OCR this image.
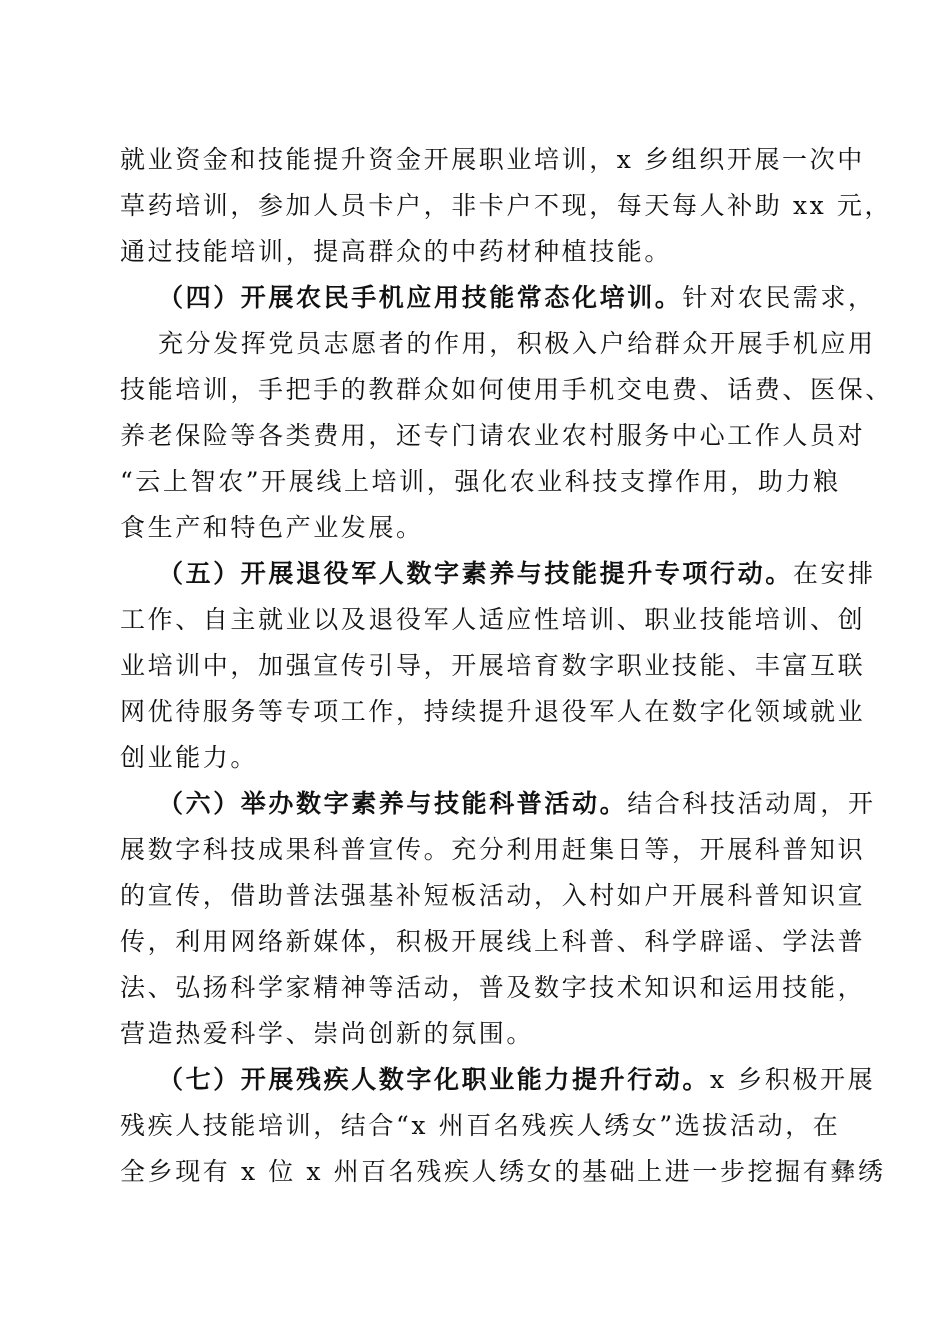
就业资金和技能提升资金开展职业培训，x 乡组织开展一次中

草药培训，参加人员卡户，非卡户不现，每天每人补助 xx 元，

通过技能培训，提高群众的中药材种植技能。

（四）开展农民手机应用技能常态化培训。针对农民需求，

充分发挥党员志愿者的作用，积极入户给群众开展手机应用

技能培训，手把手的教群众如何使用手机交电费、话费、医保、

养老保险等各类费用，还专门请农业农村服务中心工作人员对

“云上智农”开展线上培训，强化农业科技支撑作用，助力粮

食生产和特色产业发展。

（五）开展退役军人数字素养与技能提升专项行动。在安排

工作、自主就业以及退役军人适应性培训、职业技能培训、创

业培训中，加强宣传引导，开展培育数字职业技能、丰富互联

网优待服务等专项工作，持续提升退役军人在数字化领域就业

创业能力。

（六）举办数字素养与技能科普活动。结合科技活动周，开

展数字科技成果科普宣传。充分利用赶集日等，开展科普知识

的宣传，借助普法强基补短板活动，入村如户开展科普知识宣

传，利用网络新媒体，积极开展线上科普、科学辟谣、学法普

法、弘扬科学家精神等活动，普及数字技术知识和运用技能，

营造热爱科学、崇尚创新的氛围。

（七）开展残疾人数字化职业能力提升行动。x 乡积极开展

残疾人技能培训，结合“x 州百名残疾人绣女”选拔活动，在

全乡现有 x 位 x 州百名残疾人绣女的基础上进一步挖掘有彝绣
